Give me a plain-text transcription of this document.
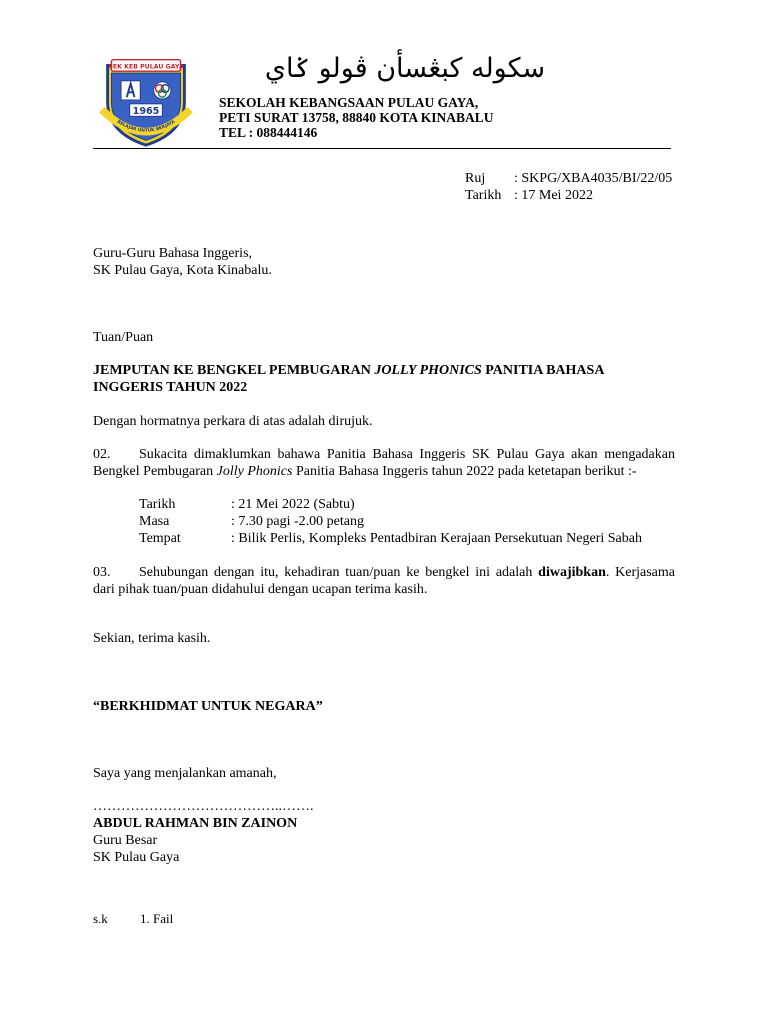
SEK KEB PULAU GAYA
1965
BELAJAR UNTUK BERJAYA
سكوله كبڠسأن ڤولو ݢاي
SEKOLAH KEBANGSAAN PULAU GAYA,
PETI SURAT 13758, 88840 KOTA KINABALU
TEL : 088444146
Ruj : SKPG/XBA4035/BI/22/05
Tarikh : 17 Mei 2022
Guru-Guru Bahasa Inggeris,
SK Pulau Gaya, Kota Kinabalu.
Tuan/Puan
JEMPUTAN KE BENGKEL PEMBUGARAN JOLLY PHONICS PANITIA BAHASA INGGERIS TAHUN 2022
Dengan hormatnya perkara di atas adalah dirujuk.
02. Sukacita dimaklumkan bahawa Panitia Bahasa Inggeris SK Pulau Gaya akan mengadakan Bengkel Pembugaran Jolly Phonics Panitia Bahasa Inggeris tahun 2022 pada ketetapan berikut :-
Tarikh	: 21 Mei 2022 (Sabtu)
Masa	: 7.30 pagi -2.00 petang
Tempat	: Bilik Perlis, Kompleks Pentadbiran Kerajaan Persekutuan Negeri Sabah
03. Sehubungan dengan itu, kehadiran tuan/puan ke bengkel ini adalah diwajibkan. Kerjasama dari pihak tuan/puan didahului dengan ucapan terima kasih.
Sekian, terima kasih.
“BERKHIDMAT UNTUK NEGARA”
Saya yang menjalankan amanah,
…………………………………..…….
ABDUL RAHMAN BIN ZAINON
Guru Besar
SK Pulau Gaya
s.k 1. Fail
